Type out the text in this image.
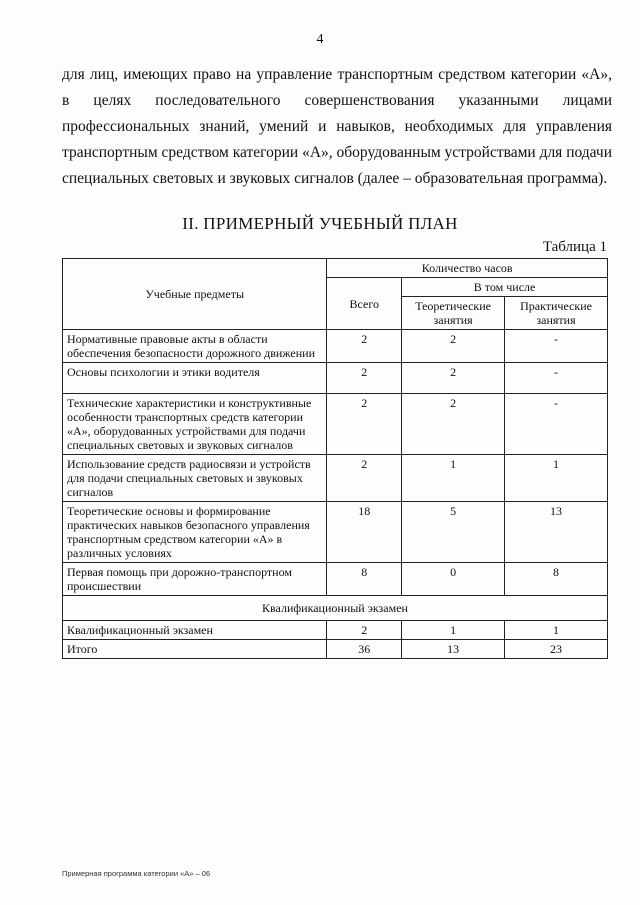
4
для лиц, имеющих право на управление транспортным средством категории «А»,
в целях последовательного совершенствования указанными лицами
профессиональных знаний, умений и навыков, необходимых для управления
транспортным средством категории «А», оборудованным устройствами для подачи
специальных световых и звуковых сигналов (далее – образовательная программа).
II. ПРИМЕРНЫЙ УЧЕБНЫЙ ПЛАН
Таблица 1
Учебные предметы	Количество часов		
	Всего	В том числе	
		Теоретические занятия	Практические занятия
Нормативные правовые акты в области обеспечения безопасности дорожного движении	2	2	-
Основы психологии и этики водителя	2	2	-
Технические характеристики и конструктивные особенности транспортных средств категории «А», оборудованных устройствами для подачи специальных световых и звуковых сигналов	2	2	-
Использование средств радиосвязи и устройств для подачи специальных световых и звуковых сигналов	2	1	1
Теоретические основы и формирование практических навыков безопасного управления транспортным средством категории «А» в различных условиях	18	5	13
Первая помощь при дорожно-транспортном происшествии	8	0	8
Квалификационный экзамен			
Квалификационный экзамен	2	1	1
Итого	36	13	23
Примерная программа категории «А» – 06
